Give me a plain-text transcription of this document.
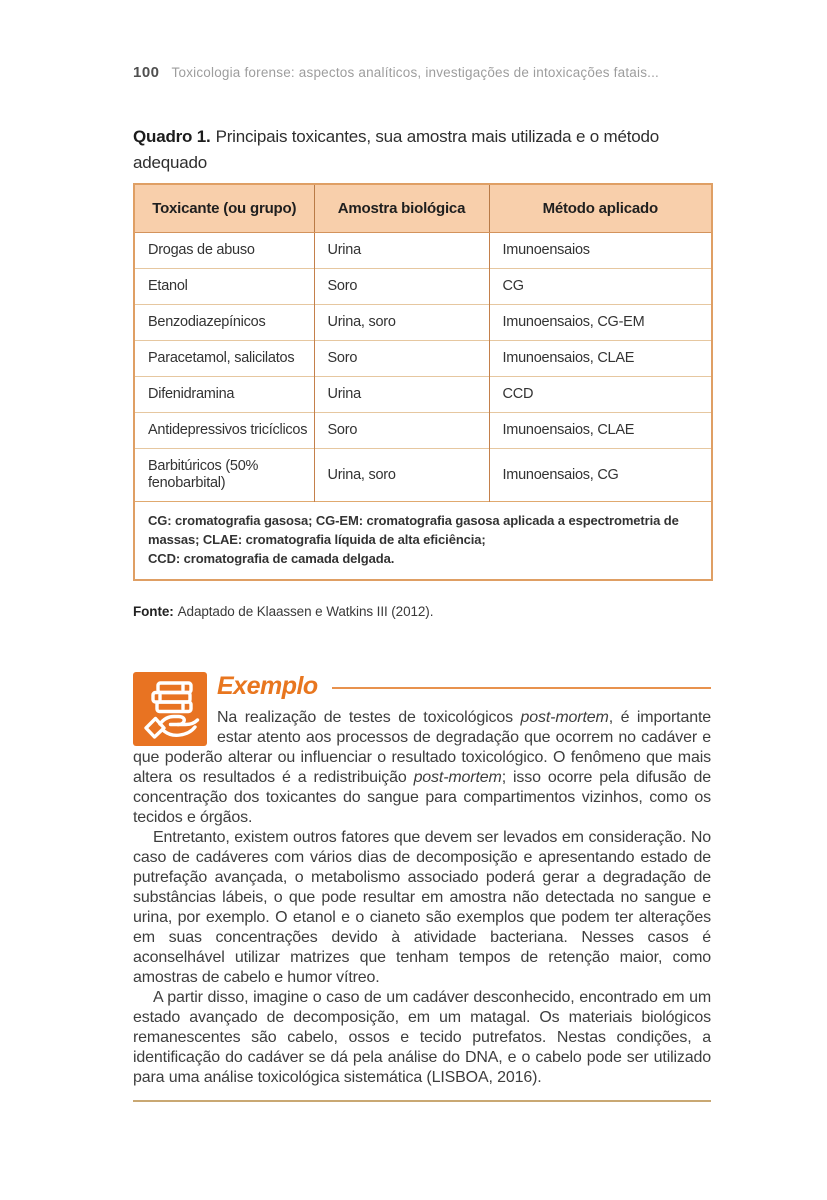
100 Toxicologia forense: aspectos analíticos, investigações de intoxicações fatais...
Quadro 1. Principais toxicantes, sua amostra mais utilizada e o método adequado
Toxicante (ou grupo)	Amostra biológica	Método aplicado
Drogas de abuso	Urina	Imunoensaios
Etanol	Soro	CG
Benzodiazepínicos	Urina, soro	Imunoensaios, CG-EM
Paracetamol, salicilatos	Soro	Imunoensaios, CLAE
Difenidramina	Urina	CCD
Antidepressivos tricíclicos	Soro	Imunoensaios, CLAE
Barbitúricos (50% fenobarbital)	Urina, soro	Imunoensaios, CG

CG: cromatografia gasosa; CG-EM: cromatografia gasosa aplicada a espectrometria de massas; CLAE: cromatografia líquida de alta eficiência;
CCD: cromatografia de camada delgada.		
Fonte: Adaptado de Klaassen e Watkins III (2012).
Exemplo

Na realização de testes de toxicológicos post-mortem, é importante estar atento aos processos de degradação que ocorrem no cadáver e que poderão alterar ou influenciar o resultado toxicológico. O fenômeno que mais altera os resultados é a redistribuição post-mortem; isso ocorre pela difusão de concentração dos toxicantes do sangue para compartimentos vizinhos, como os tecidos e órgãos.

Entretanto, existem outros fatores que devem ser levados em consideração. No caso de cadáveres com vários dias de decomposição e apresentando estado de putrefação avançada, o metabolismo associado poderá gerar a degradação de substâncias lábeis, o que pode resultar em amostra não detectada no sangue e urina, por exemplo. O etanol e o cianeto são exemplos que podem ter alterações em suas concentrações devido à atividade bacteriana. Nesses casos é aconselhável utilizar matrizes que tenham tempos de retenção maior, como amostras de cabelo e humor vítreo.

A partir disso, imagine o caso de um cadáver desconhecido, encontrado em um estado avançado de decomposição, em um matagal. Os materiais biológicos remanescentes são cabelo, ossos e tecido putrefatos. Nestas condições, a identificação do cadáver se dá pela análise do DNA, e o cabelo pode ser utilizado para uma análise toxicológica sistemática (LISBOA, 2016).
